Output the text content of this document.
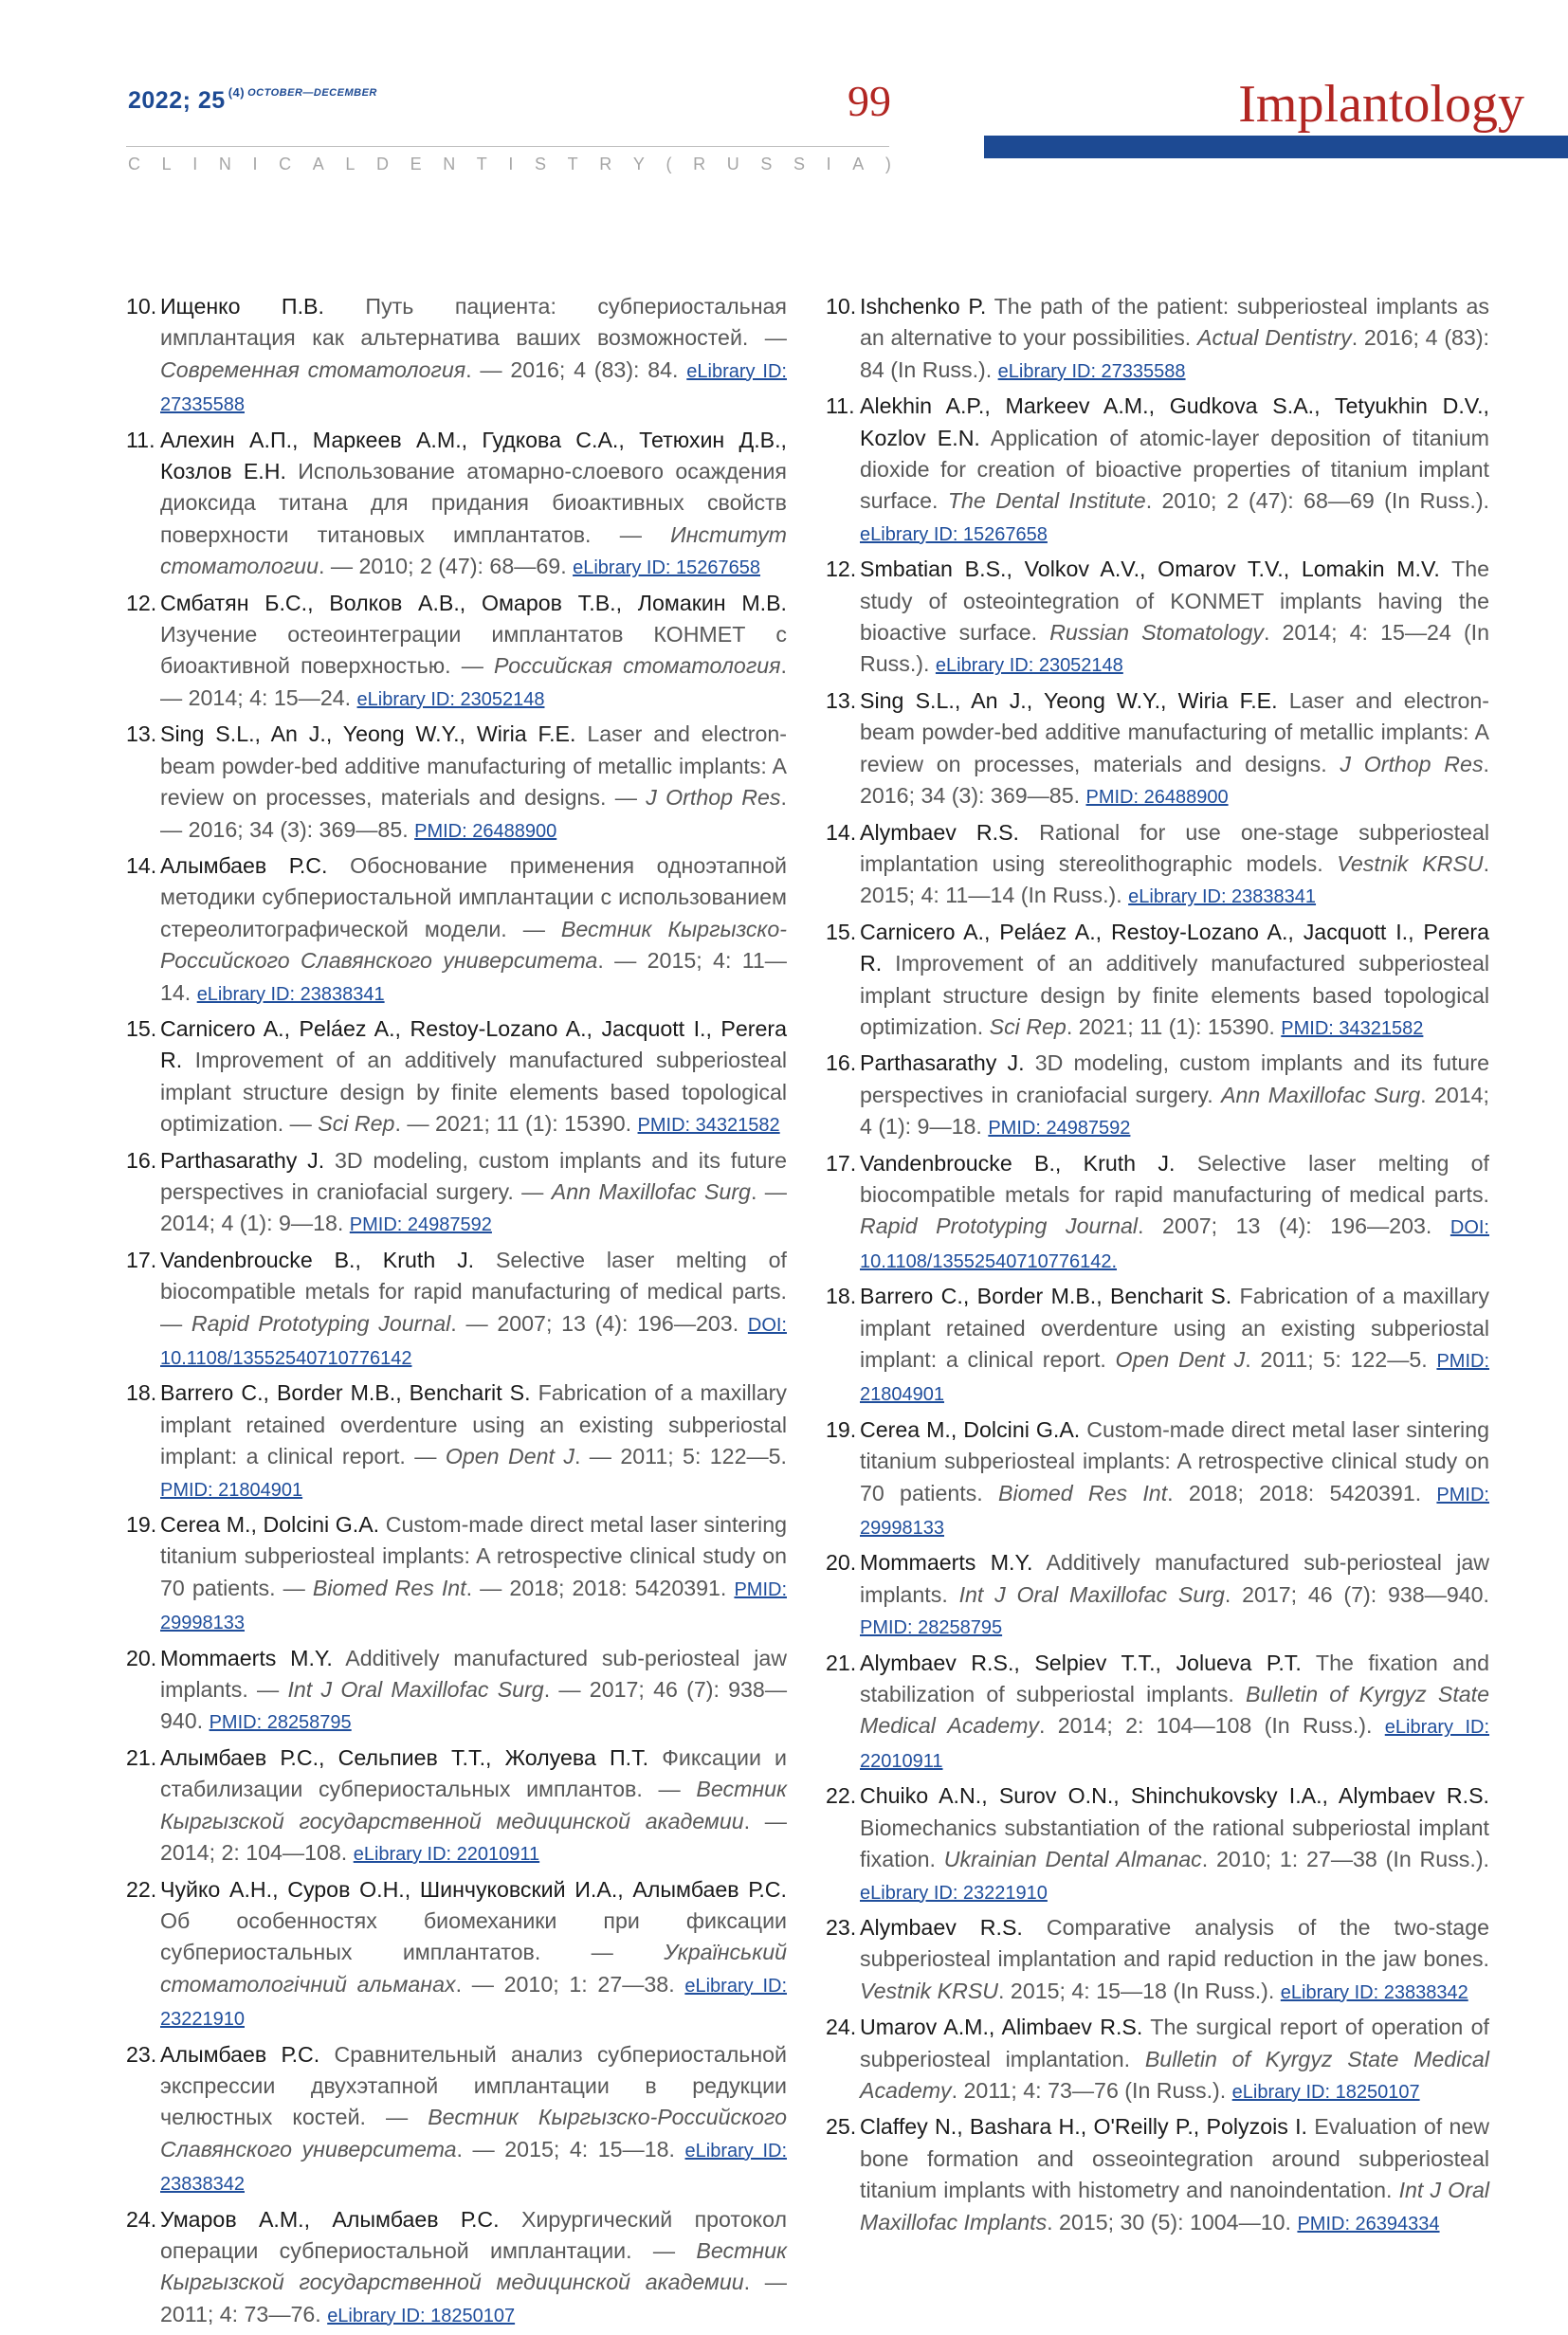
2022; 25 $^{(4)}$ $^{OCTOBER—DECEMBER}$	99
C L I N I C A L D E N T I S T R Y ( R U S S I A )
Implantology
10. Ищенко П.В. Путь пациента: субпериостальная имплантация как альтернатива ваших возможностей. — Современная стоматология. — 2016; 4 (83): 84. eLibrary ID: 27335588
11. Алехин А.П., Маркеев А.М., Гудкова С.А., Тетюхин Д.В., Козлов Е.Н. Использование атомарно-слоевого осаждения диоксида титана для придания биоактивных свойств поверхности титановых имплантатов. — Институт стоматологии. — 2010; 2 (47): 68—69. eLibrary ID: 15267658
12. Смбатян Б.С., Волков А.В., Омаров Т.В., Ломакин М.В. Изучение остеоинтеграции имплантатов КОНМЕТ с биоактивной поверхностью. — Российская стоматология. — 2014; 4: 15—24. eLibrary ID: 23052148
13. Sing S.L., An J., Yeong W.Y., Wiria F.E. Laser and electron-beam powder-bed additive manufacturing of metallic implants: A review on processes, materials and designs. — J Orthop Res. — 2016; 34 (3): 369—85. PMID: 26488900
14. Алымбаев Р.С. Обоснование применения одноэтапной методики субпериостальной имплантации с использованием стереолитографической модели. — Вестник Кыргызско-Российского Славянского университета. — 2015; 4: 11—14. eLibrary ID: 23838341
15. Carnicero A., Peláez A., Restoy-Lozano A., Jacquott I., Perera R. Improvement of an additively manufactured subperiosteal implant structure design by finite elements based topological optimization. — Sci Rep. — 2021; 11 (1): 15390. PMID: 34321582
16. Parthasarathy J. 3D modeling, custom implants and its future perspectives in craniofacial surgery. — Ann Maxillofac Surg. — 2014; 4 (1): 9—18. PMID: 24987592
17. Vandenbroucke B., Kruth J. Selective laser melting of biocompatible metals for rapid manufacturing of medical parts. — Rapid Prototyping Journal. — 2007; 13 (4): 196—203. DOI: 10.1108/13552540710776142
18. Barrero C., Border M.B., Bencharit S. Fabrication of a maxillary implant retained overdenture using an existing subperiostal implant: a clinical report. — Open Dent J. — 2011; 5: 122—5. PMID: 21804901
19. Cerea M., Dolcini G.A. Custom-made direct metal laser sintering titanium subperiosteal implants: A retrospective clinical study on 70 patients. — Biomed Res Int. — 2018; 2018: 5420391. PMID: 29998133
20. Mommaerts M.Y. Additively manufactured sub-periosteal jaw implants. — Int J Oral Maxillofac Surg. — 2017; 46 (7): 938—940. PMID: 28258795
21. Алымбаев Р.С., Сельпиев Т.Т., Жолуева П.Т. Фиксации и стабилизации субпериостальных имплантов. — Вестник Кыргызской государственной медицинской академии. — 2014; 2: 104—108. eLibrary ID: 22010911
22. Чуйко А.Н., Суров О.Н., Шинчуковский И.А., Алымбаев Р.С. Об особенностях биомеханики при фиксации субпериостальных имплантатов. — Український стоматологічний альманах. — 2010; 1: 27—38. eLibrary ID: 23221910
23. Алымбаев Р.С. Сравнительный анализ субпериостальной экспрессии двухэтапной имплантации в редукции челюстных костей. — Вестник Кыргызско-Российского Славянского университета. — 2015; 4: 15—18. eLibrary ID: 23838342
24. Умаров А.М., Алымбаев Р.С. Хирургический протокол операции субпериостальной имплантации. — Вестник Кыргызской государственной медицинской академии. — 2011; 4: 73—76. eLibrary ID: 18250107
10. Ishchenko P. The path of the patient: subperiosteal implants as an alternative to your possibilities. Actual Dentistry. 2016; 4 (83): 84 (In Russ.). eLibrary ID: 27335588
11. Alekhin A.P., Markeev A.M., Gudkova S.A., Tetyukhin D.V., Kozlov E.N. Application of atomic-layer deposition of titanium dioxide for creation of bioactive properties of titanium implant surface. The Dental Institute. 2010; 2 (47): 68—69 (In Russ.). eLibrary ID: 15267658
12. Smbatian B.S., Volkov A.V., Omarov T.V., Lomakin M.V. The study of osteointegration of KONMET implants having the bioactive surface. Russian Stomatology. 2014; 4: 15—24 (In Russ.). eLibrary ID: 23052148
13. Sing S.L., An J., Yeong W.Y., Wiria F.E. Laser and electron-beam powder-bed additive manufacturing of metallic implants: A review on processes, materials and designs. J Orthop Res. 2016; 34 (3): 369—85. PMID: 26488900
14. Alymbaev R.S. Rational for use one-stage subperiosteal implantation using stereolithographic models. Vestnik KRSU. 2015; 4: 11—14 (In Russ.). eLibrary ID: 23838341
15. Carnicero A., Peláez A., Restoy-Lozano A., Jacquott I., Perera R. Improvement of an additively manufactured subperiosteal implant structure design by finite elements based topological optimization. Sci Rep. 2021; 11 (1): 15390. PMID: 34321582
16. Parthasarathy J. 3D modeling, custom implants and its future perspectives in craniofacial surgery. Ann Maxillofac Surg. 2014; 4 (1): 9—18. PMID: 24987592
17. Vandenbroucke B., Kruth J. Selective laser melting of biocompatible metals for rapid manufacturing of medical parts. Rapid Prototyping Journal. 2007; 13 (4): 196—203. DOI: 10.1108/13552540710776142.
18. Barrero C., Border M.B., Bencharit S. Fabrication of a maxillary implant retained overdenture using an existing subperiostal implant: a clinical report. Open Dent J. 2011; 5: 122—5. PMID: 21804901
19. Cerea M., Dolcini G.A. Custom-made direct metal laser sintering titanium subperiosteal implants: A retrospective clinical study on 70 patients. Biomed Res Int. 2018; 2018: 5420391. PMID: 29998133
20. Mommaerts M.Y. Additively manufactured sub-periosteal jaw implants. Int J Oral Maxillofac Surg. 2017; 46 (7): 938—940. PMID: 28258795
21. Alymbaev R.S., Selpiev T.T., Jolueva P.T. The fixation and stabilization of subperiostal implants. Bulletin of Kyrgyz State Medical Academy. 2014; 2: 104—108 (In Russ.). eLibrary ID: 22010911
22. Chuiko A.N., Surov O.N., Shinchukovsky I.A., Alymbaev R.S. Biomechanics substantiation of the rational subperiostal implant fixation. Ukrainian Dental Almanac. 2010; 1: 27—38 (In Russ.). eLibrary ID: 23221910
23. Alymbaev R.S. Comparative analysis of the two-stage subperiosteal implantation and rapid reduction in the jaw bones. Vestnik KRSU. 2015; 4: 15—18 (In Russ.). eLibrary ID: 23838342
24. Umarov A.M., Alimbaev R.S. The surgical report of operation of subperiosteal implantation. Bulletin of Kyrgyz State Medical Academy. 2011; 4: 73—76 (In Russ.). eLibrary ID: 18250107
25. Claffey N., Bashara H., O'Reilly P., Polyzois I. Evaluation of new bone formation and osseointegration around subperiosteal titanium implants with histometry and nanoindentation. Int J Oral Maxillofac Implants. 2015; 30 (5): 1004—10. PMID: 26394334
